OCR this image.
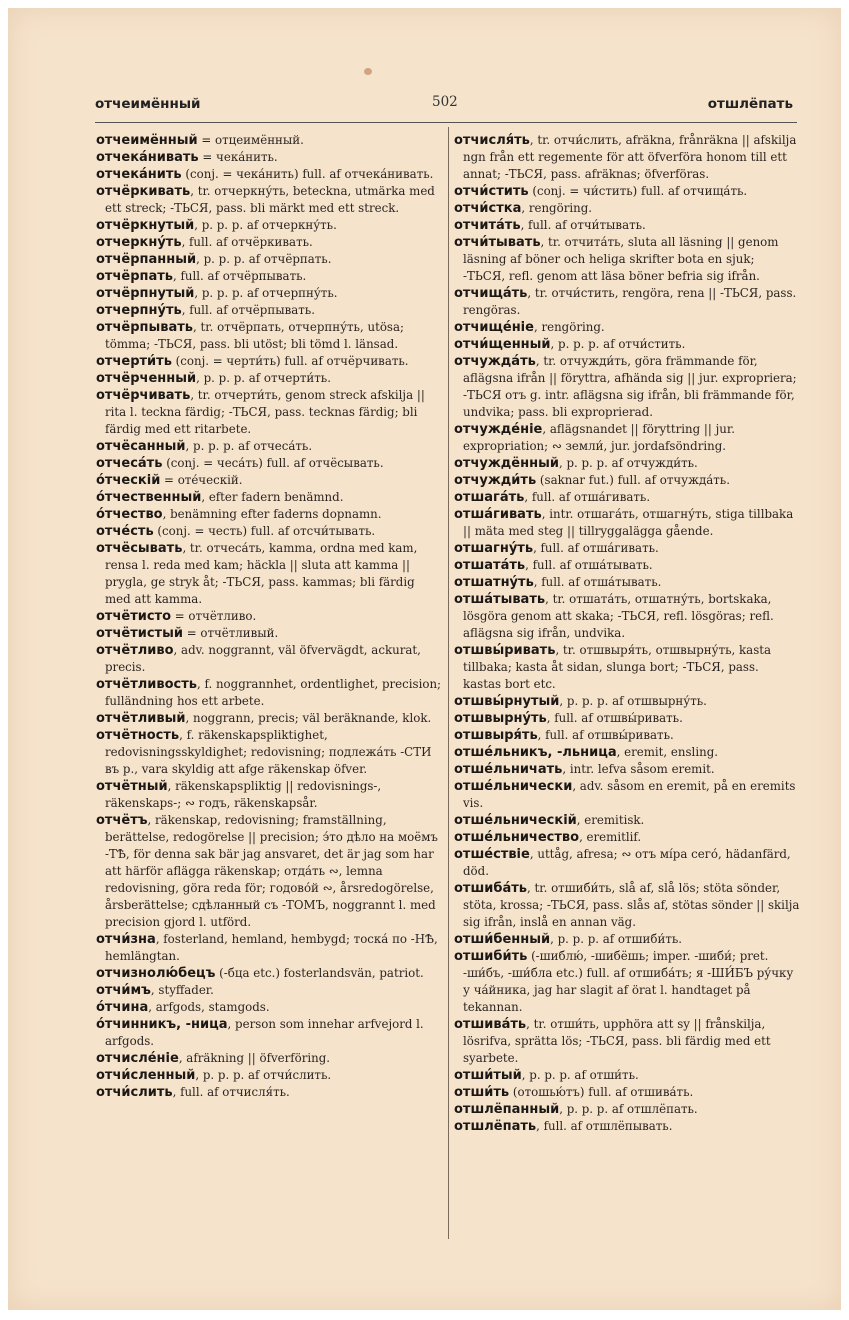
отчеимённый	502	отшлёпать

отчеимённый = отцеимённый.

отчека́нивать = чека́нить.

отчека́нить (conj. = чека́нить) full. af отчека́нивать.

отчёркивать, tr. отчеркну́ть, beteckna, utmärka med ett streck; -ТЬСЯ, pass. bli märkt med ett streck.

отчёркнутый, p. p. p. af отчеркну́ть.

отчеркну́ть, full. af отчёркивать.

отчёрпанный, p. p. p. af отчёрпать.

отчёрпать, full. af отчёрпывать.

отчёрпнутый, p. p. p. af отчерпну́ть.

отчерпну́ть, full. af отчёрпывать.

отчёрпывать, tr. отчёрпать, отчерпну́ть, utösa; tömma; -ТЬСЯ, pass. bli utöst; bli tömd l. länsad.

отчерти́ть (conj. = черти́ть) full. af отчёрчивать.

отчёрченный, p. p. p. af отчерти́ть.

отчёрчивать, tr. отчерти́ть, genom streck afskilja || rita l. teckna färdig; -ТЬСЯ, pass. tecknas färdig; bli färdig med ett ritarbete.

отчёсанный, p. p. p. af отчеса́ть.

отчеса́ть (conj. = чеса́ть) full. af отчёсывать.

о́тческій = оте́ческій.

о́тчественный, efter fadern benämnd.

о́тчество, benämning efter faderns dopnamn.

отче́сть (conj. = честь) full. af отсчи́тывать.

отчёсывать, tr. отчеса́ть, kamma, ordna med kam, rensa l. reda med kam; häckla || sluta att kamma || prygla, ge stryk åt; -ТЬСЯ, pass. kammas; bli färdig med att kamma.

отчётисто = отчётливо.

отчётистый = отчётливый.

отчётливо, adv. noggrannt, väl öfvervägdt, ackurat, precis.

отчётливость, f. noggrannhet, ordentlighet, precision; fulländning hos ett arbete.

отчётливый, noggrann, precis; väl beräknande, klok.

отчётность, f. räkenskapspliktighet, redovisningsskyldighet; redovisning; подлежа́ть -СТИ въ р., vara skyldig att afge räkenskap öfver.

отчётный, räkenskapspliktig || redovisnings-, räkenskaps-; ∾ годъ, räkenskapsår.

отчётъ, räkenskap, redovisning; framställning, berättelse, redogörelse || precision; э́то дѣло на моёмъ -ТѢ, för denna sak bär jag ansvaret, det är jag som har att härför aflägga räkenskap; отда́ть ∾, lemna redovisning, göra reda för; годово́й ∾, årsredogörelse, årsberättelse; сдѣланный съ -ТОМЪ, noggrannt l. med precision gjord l. utförd.

отчи́зна, fosterland, hemland, hembygd; тоска́ по -НѢ, hemlängtan.

отчизнолю́бецъ (-бца etc.) fosterlandsvän, patriot.

отчи́мъ, styffader.

о́тчина, arfgods, stamgods.

о́тчинникъ, -ница, person som innehar arfvejord l. arfgods.

отчисле́ніе, afräkning || öfverföring.

отчи́сленный, p. p. p. af отчи́слить.

отчи́слить, full. af отчисля́ть.

отчисля́ть, tr. отчи́слить, afräkna, frånräkna || afskilja ngn från ett regemente för att öfverföra honom till ett annat; -ТЬСЯ, pass. afräknas; öfverföras.

отчи́стить (conj. = чи́стить) full. af отчища́ть.

отчи́стка, rengöring.

отчита́ть, full. af отчи́тывать.

отчи́тывать, tr. отчита́ть, sluta all läsning || genom läsning af böner och heliga skrifter bota en sjuk; -ТЬСЯ, refl. genom att läsa böner befria sig ifrån.

отчища́ть, tr. отчи́стить, rengöra, rena || -ТЬСЯ, pass. rengöras.

отчище́ніе, rengöring.

отчи́щенный, p. p. p. af отчи́стить.

отчужда́ть, tr. отчужди́ть, göra främmande för, aflägsna ifrån || föryttra, afhända sig || jur. expropriera; -ТЬСЯ отъ g. intr. aflägsna sig ifrån, bli främmande för, undvika; pass. bli exproprierad.

отчужде́ніе, aflägsnandet || föryttring || jur. expropriation; ∾ земли́, jur. jordafsöndring.

отчуждённый, p. p. p. af отчужди́ть.

отчужди́ть (saknar fut.) full. af отчужда́ть.

отшага́ть, full. af отша́гивать.

отша́гивать, intr. отшага́ть, отшагну́ть, stiga tillbaka || mäta med steg || tillryggalägga gående.

отшагну́ть, full. af отша́гивать.

отшата́ть, full. af отша́тывать.

отшатну́ть, full. af отша́тывать.

отша́тывать, tr. отшата́ть, отшатну́ть, bortskaka, lösgöra genom att skaka; -ТЬСЯ, refl. lösgöras; refl. aflägsna sig ifrån, undvika.

отшвы́ривать, tr. отшвыря́ть, отшвырну́ть, kasta tillbaka; kasta åt sidan, slunga bort; -ТЬСЯ, pass. kastas bort etc.

отшвы́рнутый, p. p. p. af отшвырну́ть.

отшвырну́ть, full. af отшвы́ривать.

отшвыря́ть, full. af отшвы́ривать.

отше́льникъ, -льница, eremit, ensling.

отше́льничать, intr. lefva såsom eremit.

отше́льнически, adv. såsom en eremit, på en eremits vis.

отше́льническій, eremitisk.

отше́льничество, eremitlif.

отше́ствіе, uttåg, afresa; ∾ отъ мíра сего́, hädanfärd, död.

отшиба́ть, tr. отшиби́ть, slå af, slå lös; stöta sönder, stöta, krossa; -ТЬСЯ, pass. slås af, stötas sönder || skilja sig ifrån, inslå en annan väg.

отши́бенный, p. p. p. af отшиби́ть.

отшиби́ть (-шиблю́, -шибёшь; imper. -шиби́; pret. -ши́бъ, -ши́бла etc.) full. af отшиба́ть; я -ШИ́БЪ ру́чку у ча́йника, jag har slagit af örat l. handtaget på tekannan.

отшива́ть, tr. отши́ть, upphöra att sy || frånskilja, lösrifva, sprätta lös; -ТЬСЯ, pass. bli färdig med ett syarbete.

отши́тый, p. p. p. af отши́ть.

отши́ть (отошью́тъ) full. af отшива́ть.

отшлёпанный, p. p. p. af отшлёпать.

отшлёпать, full. af отшлёпывать.
